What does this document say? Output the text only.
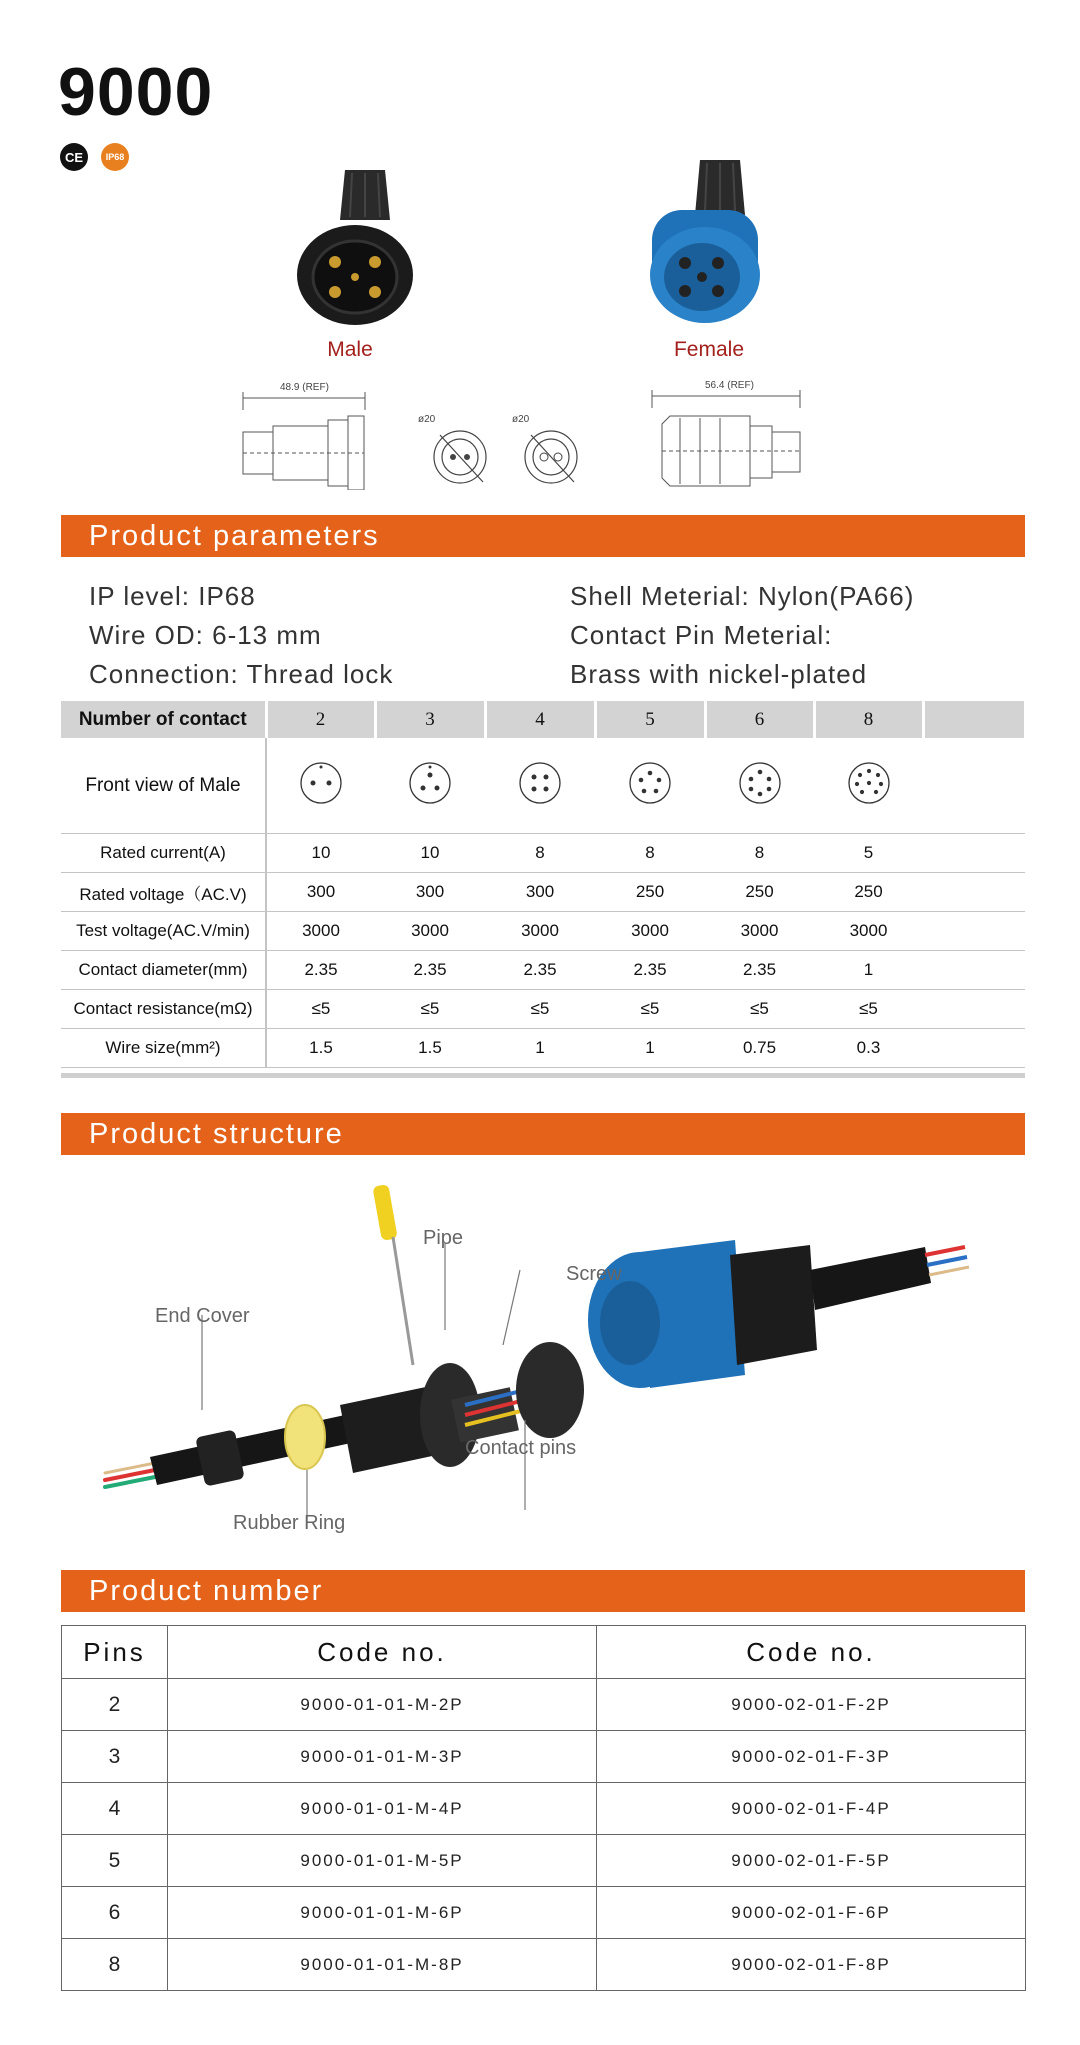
9000
CE	IP68
Male	Female
48.9 (REF)
ø20	ø20
56.4 (REF)
Product parameters
IP level: IP68
Wire OD: 6-13 mm
Connection: Thread lock
Shell Meterial: Nylon(PA66)
Contact Pin Meterial:
Brass with nickel-plated
Number of contact	2	3	4	5	6	8	
Front view of Male							
Rated current(A)	10	10	8	8	8	5	
Rated voltage（AC.V)	300	300	300	250	250	250	
Test voltage(AC.V/min)	3000	3000	3000	3000	3000	3000	
Contact diameter(mm)	2.35	2.35	2.35	2.35	2.35	1	
Contact resistance(mΩ)	≤5	≤5	≤5	≤5	≤5	≤5	
Wire size(mm²)	1.5	1.5	1	1	0.75	0.3	
Product structure
End Cover
Pipe
Screw
Contact pins
Rubber Ring
Product number
Pins	Code no.	Code no.
2	9000-01-01-M-2P	9000-02-01-F-2P
3	9000-01-01-M-3P	9000-02-01-F-3P
4	9000-01-01-M-4P	9000-02-01-F-4P
5	9000-01-01-M-5P	9000-02-01-F-5P
6	9000-01-01-M-6P	9000-02-01-F-6P
8	9000-01-01-M-8P	9000-02-01-F-8P
